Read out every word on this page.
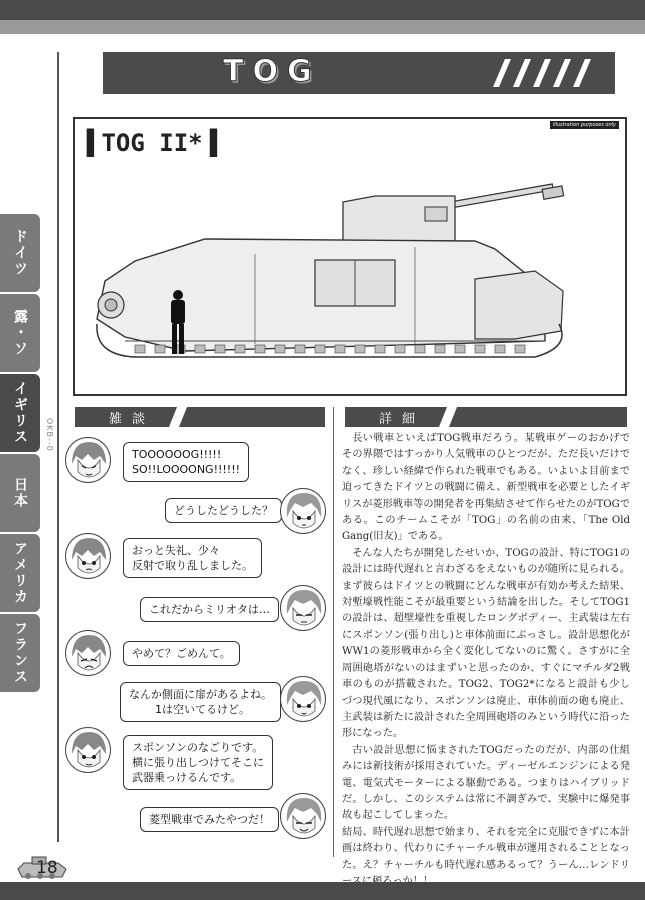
TOG
OKB--0
ドイツ
露・ソ
イギリス
日本
アメリカ
フランス
illustration purposes only
▌TOG II*▐
雑談	詳細
TOOOOOOG!!!!!
SO!!LOOOONG!!!!!!
どうしたどうした？
おっと失礼、少々
反射で取り乱しました。
これだからミリオタは…
やめて？ごめんて。
なんか側面に扉があるよね。
1は空いてるけど。
スポンソンのなごりです。
横に張り出しつけてそこに
武器乗っけるんです。
菱型戦車でみたやつだ！

長い戦車といえばTOG戦車だろう。某戦車ゲーのおかげでその界隈ではすっかり人気戦車のひとつだが、ただ長いだけでなく、珍しい経緯で作られた戦車でもある。いよいよ目前まで迫ってきたドイツとの戦闘に備え、新型戦車を必要としたイギリスが菱形戦車等の開発者を再集結させて作らせたのがTOGである。このチームこそが「TOG」の名前の由来、「The Old Gang(旧友)」である。

そんな人たちが開発したせいか、TOGの設計、特にTOG1の設計には時代遅れと言わざるをえないものが随所に見られる。まず彼らはドイツとの戦闘にどんな戦車が有効か考えた結果、対塹壕戦性能こそが最重要という結論を出した。そしてTOG1の設計は、超壁壕性を重視したロングボディー、主武装は左右にスポンソン(張り出し)と車体前面にぶっさし。設計思想化がWW1の菱形戦車から全く変化してないのに驚く。さすがに全周囲砲塔がないのはまずいと思ったのか、すぐにマチルダ2戦車のものが搭載された。TOG2、TOG2*になると設計も少しづつ現代風になり、スポンソンは廃止、車体前面の砲も廃止、主武装は新たに設計された全周囲砲塔のみという時代に沿った形になった。

古い設計思想に悩まされたTOGだったのだが、内部の仕組みには新技術が採用されていた。ディーゼルエンジンによる発電、電気式モーターによる駆動である。つまりはハイブリッドだ。しかし、このシステムは常に不調ぎみで、実験中に爆発事故も起こしてしまった。

結局、時代遅れ思想で始まり、それを完全に克服できずに本計画は終わり、代わりにチャーチル戦車が運用されることとなった。え？チャーチルも時代遅れ感あるって？うーん…レンドリ

18
